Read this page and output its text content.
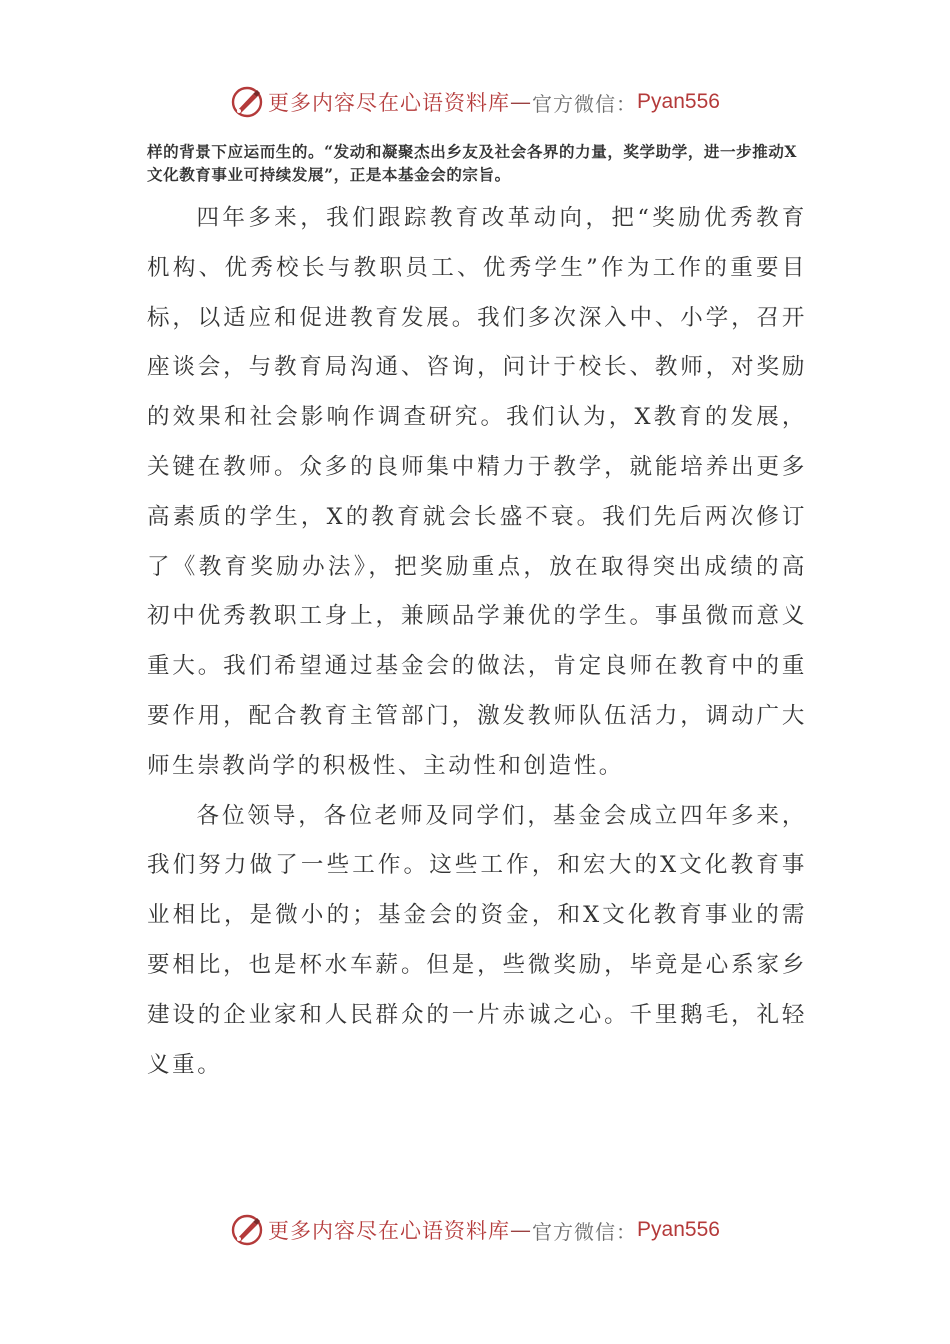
更多内容尽在心语资料库 — 官方微信： Pyan556

样的背景下应运而生的。“发动和凝聚杰出乡友及社会各界的力量，奖学助学，进一步推动X文化教育事业可持续发展”，正是本基金会的宗旨。

四年多来，我们跟踪教育改革动向，把“奖励优秀教育机构、优秀校长与教职员工、优秀学生”作为工作的重要目标，以适应和促进教育发展。我们多次深入中、小学，召开座谈会，与教育局沟通、咨询，问计于校长、教师，对奖励的效果和社会影响作调查研究。我们认为，X教育的发展，关键在教师。众多的良师集中精力于教学，就能培养出更多高素质的学生，X的教育就会长盛不衰。我们先后两次修订了《教育奖励办法》，把奖励重点，放在取得突出成绩的高初中优秀教职工身上，兼顾品学兼优的学生。事虽微而意义重大。我们希望通过基金会的做法，肯定良师在教育中的重要作用，配合教育主管部门，激发教师队伍活力，调动广大师生崇教尚学的积极性、主动性和创造性。

各位领导，各位老师及同学们，基金会成立四年多来，我们努力做了一些工作。这些工作，和宏大的X文化教育事业相比，是微小的；基金会的资金，和X文化教育事业的需要相比，也是杯水车薪。但是，些微奖励，毕竟是心系家乡建设的企业家和人民群众的一片赤诚之心。千里鹅毛，礼轻义重。

更多内容尽在心语资料库 — 官方微信： Pyan556
